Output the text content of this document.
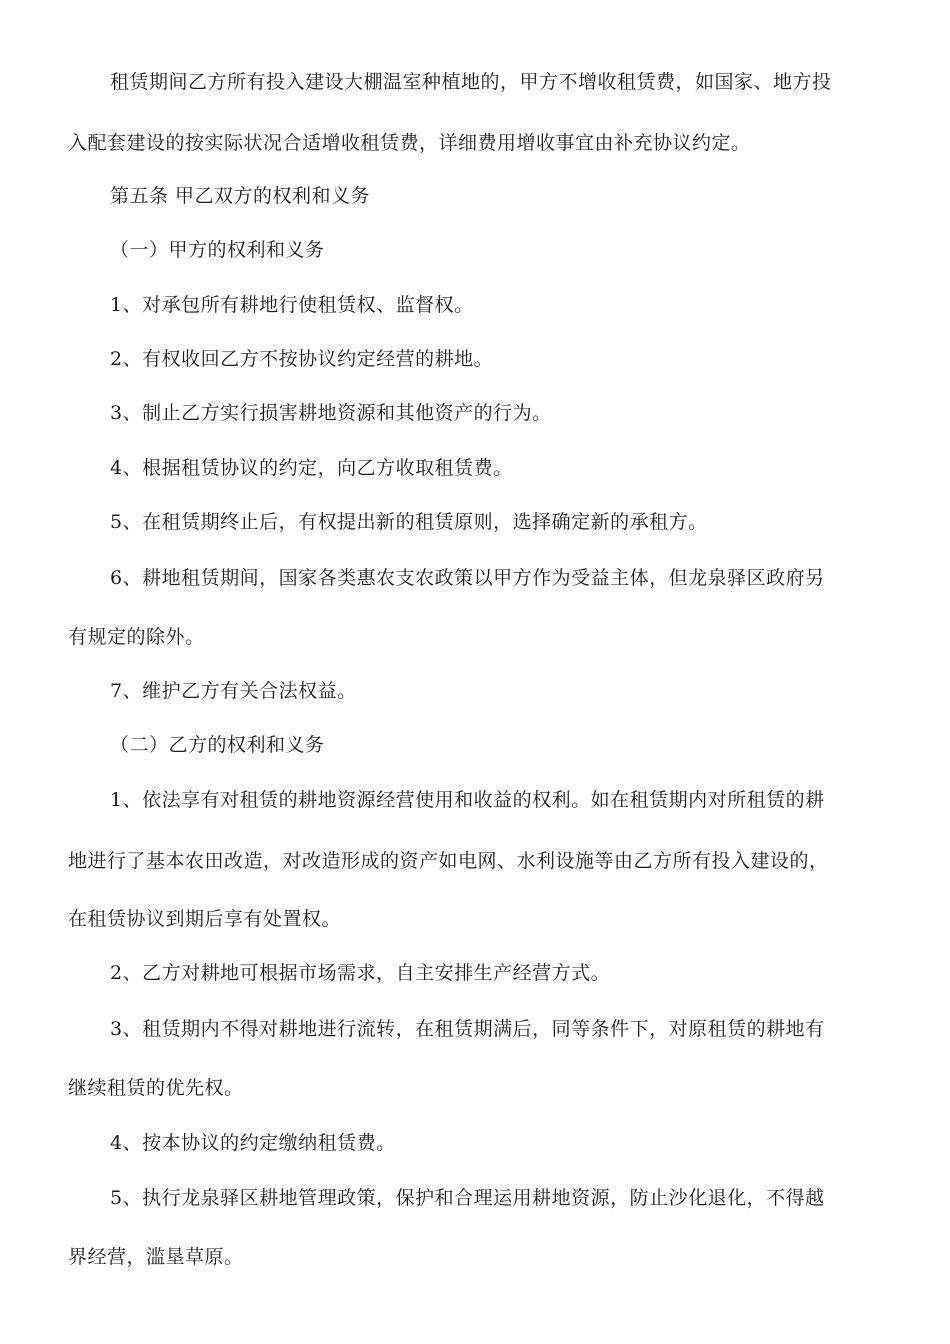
租赁期间乙方所有投入建设大棚温室种植地的，甲方不增收租赁费，如国家、地方投
入配套建设的按实际状况合适增收租赁费，详细费用增收事宜由补充协议约定。
第五条 甲乙双方的权利和义务
（一）甲方的权利和义务
1、对承包所有耕地行使租赁权、监督权。
2、有权收回乙方不按协议约定经营的耕地。
3、制止乙方实行损害耕地资源和其他资产的行为。
4、根据租赁协议的约定，向乙方收取租赁费。
5、在租赁期终止后，有权提出新的租赁原则，选择确定新的承租方。
6、耕地租赁期间，国家各类惠农支农政策以甲方作为受益主体，但龙泉驿区政府另
有规定的除外。
7、维护乙方有关合法权益。
（二）乙方的权利和义务
1、依法享有对租赁的耕地资源经营使用和收益的权利。如在租赁期内对所租赁的耕
地进行了基本农田改造，对改造形成的资产如电网、水利设施等由乙方所有投入建设的，
在租赁协议到期后享有处置权。
2、乙方对耕地可根据市场需求，自主安排生产经营方式。
3、租赁期内不得对耕地进行流转，在租赁期满后，同等条件下，对原租赁的耕地有
继续租赁的优先权。
4、按本协议的约定缴纳租赁费。
5、执行龙泉驿区耕地管理政策，保护和合理运用耕地资源，防止沙化退化，不得越
界经营，滥垦草原。
